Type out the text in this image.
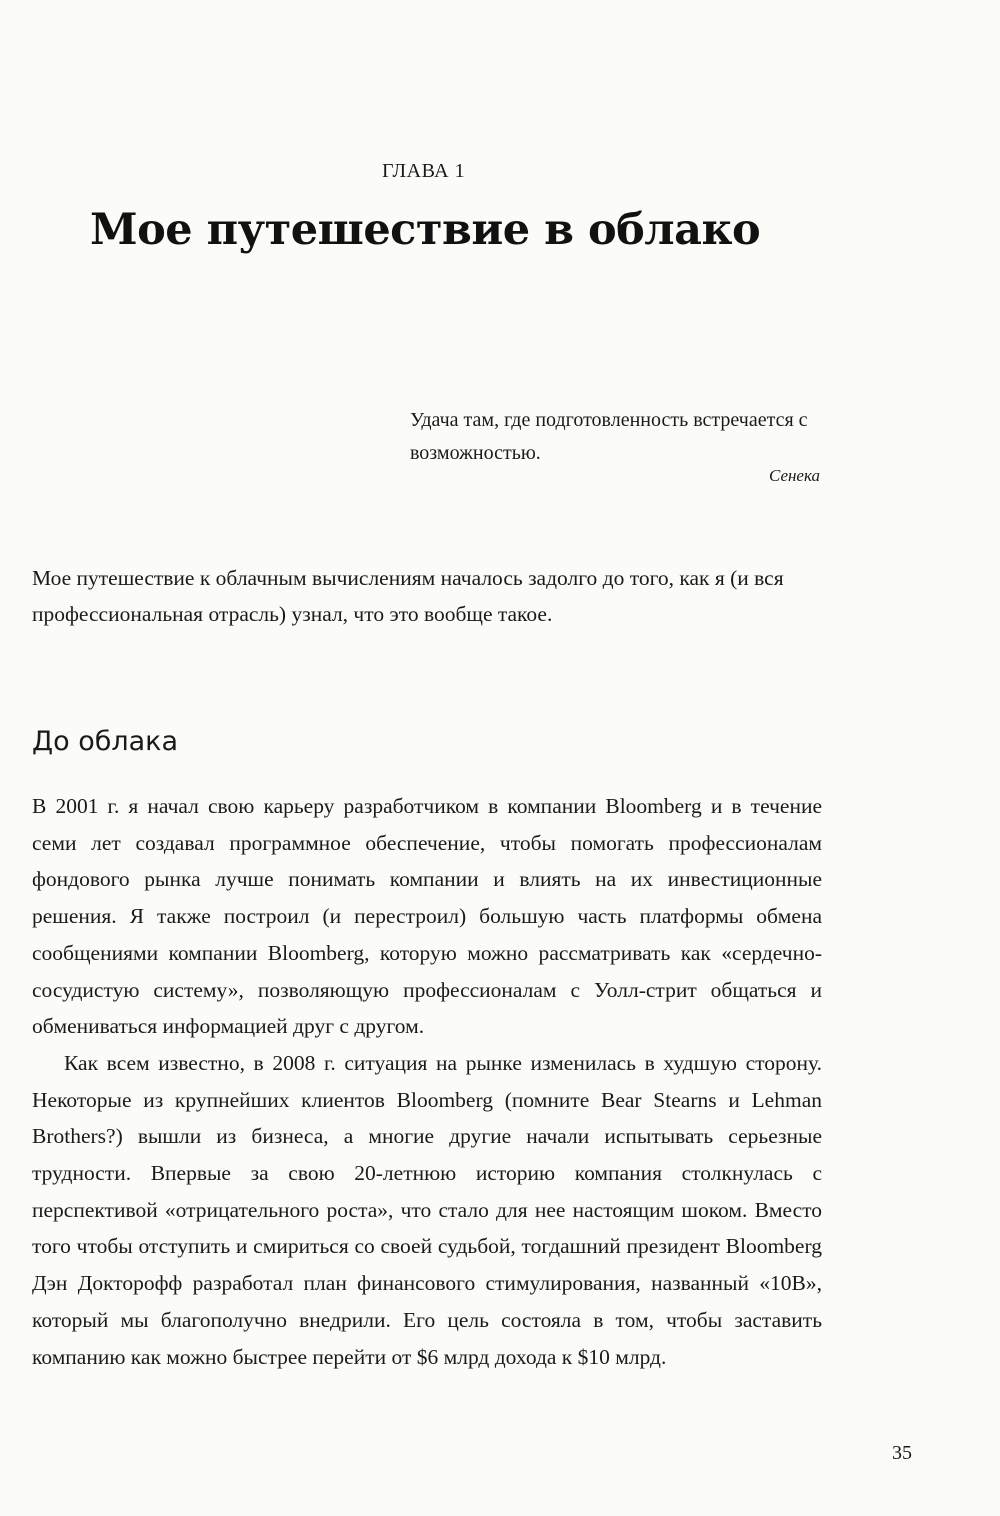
ГЛАВА 1
Мое путешествие в облако
Удача там, где подготовленность встречается с возможностью.
Сенека
Мое путешествие к облачным вычислениям началось задолго до того, как я (и вся профессиональная отрасль) узнал, что это вообще такое.
До облака

В 2001 г. я начал свою карьеру разработчиком в компании Bloomberg и в течение семи лет создавал программное обеспечение, чтобы помогать профессионалам фондового рынка лучше понимать компании и влиять на их инвестиционные решения. Я также построил (и перестроил) большую часть платформы обмена сообщениями компании Bloomberg, которую можно рассматривать как «сердечно-сосудистую систему», позволяющую профессионалам с Уолл-стрит общаться и обмениваться информацией друг с другом.

Как всем известно, в 2008 г. ситуация на рынке изменилась в худшую сторону. Некоторые из крупнейших клиентов Bloomberg (помните Bear Stearns и Lehman Brothers?) вышли из бизнеса, а многие другие начали испытывать серьезные трудности. Впервые за свою 20-летнюю историю компания столкнулась с перспективой «отрицательного роста», что стало для нее настоящим шоком. Вместо того чтобы отступить и смириться со своей судьбой, тогдашний президент Bloomberg Дэн Докторофф разработал план финансового стимулирования, названный «10B», который мы благополучно внедрили. Его цель состояла в том, чтобы заставить компанию как можно быстрее перейти от $6 млрд дохода к $10 млрд.

35
